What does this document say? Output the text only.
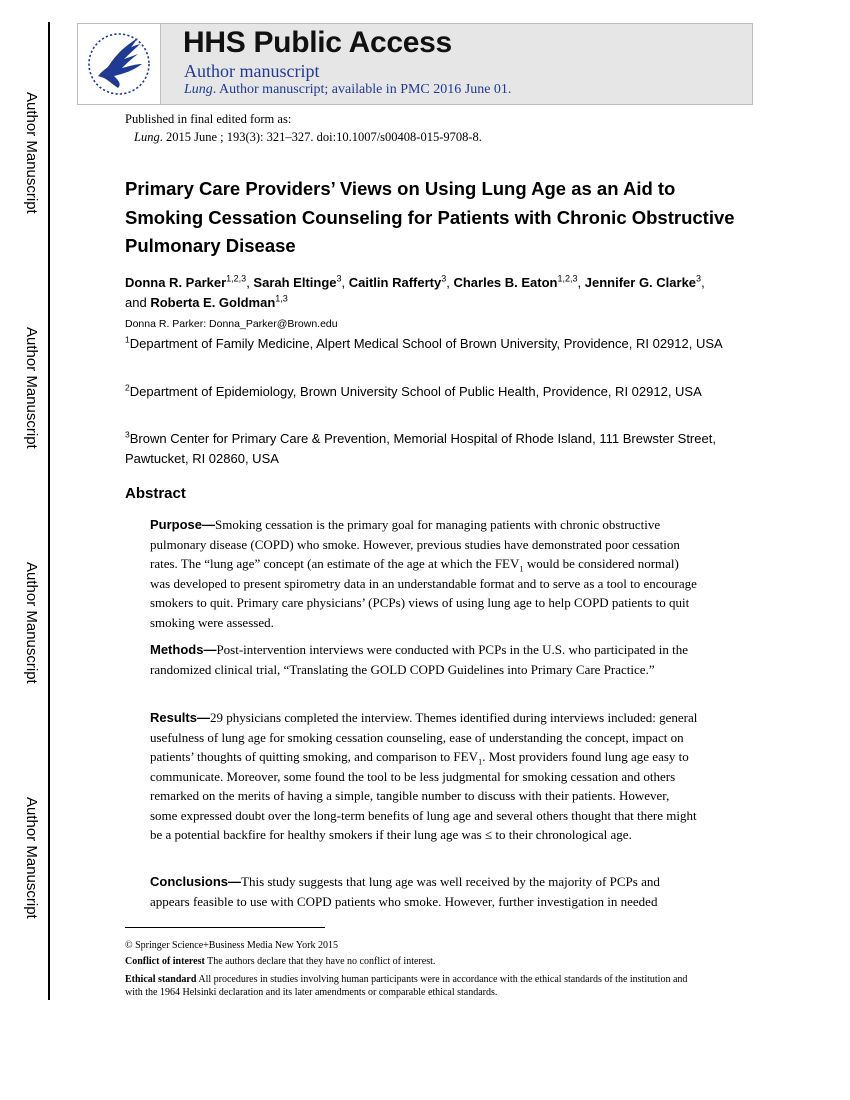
Author Manuscript
Author Manuscript
Author Manuscript
Author Manuscript
HHS Public Access
Author manuscript
Lung. Author manuscript; available in PMC 2016 June 01.
Published in final edited form as:
Lung. 2015 June ; 193(3): 321–327. doi:10.1007/s00408-015-9708-8.
Primary Care Providers’ Views on Using Lung Age as an Aid to Smoking Cessation Counseling for Patients with Chronic Obstructive Pulmonary Disease
Donna R. Parker$^{1,2,3}$, Sarah Eltinge$^3$, Caitlin Rafferty$^3$, Charles B. Eaton$^{1,2,3}$, Jennifer G. Clarke$^3$, and Roberta E. Goldman$^{1,3}$
Donna R. Parker: Donna_Parker@Brown.edu
$^1$Department of Family Medicine, Alpert Medical School of Brown University, Providence, RI 02912, USA
$^2$Department of Epidemiology, Brown University School of Public Health, Providence, RI 02912, USA
$^3$Brown Center for Primary Care & Prevention, Memorial Hospital of Rhode Island, 111 Brewster Street, Pawtucket, RI 02860, USA
Abstract

Purpose—Smoking cessation is the primary goal for managing patients with chronic obstructive pulmonary disease (COPD) who smoke. However, previous studies have demonstrated poor cessation rates. The “lung age” concept (an estimate of the age at which the $FEV_1$ would be considered normal) was developed to present spirometry data in an understandable format and to serve as a tool to encourage smokers to quit. Primary care physicians’ (PCPs) views of using lung age to help COPD patients to quit smoking were assessed.

Methods—Post-intervention interviews were conducted with PCPs in the U.S. who participated in the randomized clinical trial, “Translating the GOLD COPD Guidelines into Primary Care Practice.”

Results—29 physicians completed the interview. Themes identified during interviews included: general usefulness of lung age for smoking cessation counseling, ease of understanding the concept, impact on patients’ thoughts of quitting smoking, and comparison to $FEV_1$. Most providers found lung age easy to communicate. Moreover, some found the tool to be less judgmental for smoking cessation and others remarked on the merits of having a simple, tangible number to discuss with their patients. However, some expressed doubt over the long-term benefits of lung age and several others thought that there might be a potential backfire for healthy smokers if their lung age was ≤ to their chronological age.

Conclusions—This study suggests that lung age was well received by the majority of PCPs and appears feasible to use with COPD patients who smoke. However, further investigation in needed

© Springer Science+Business Media New York 2015

Conflict of interest The authors declare that they have no conflict of interest.

Ethical standard All procedures in studies involving human participants were in accordance with the ethical standards of the institution and with the 1964 Helsinki declaration and its later amendments or comparable ethical standards.
